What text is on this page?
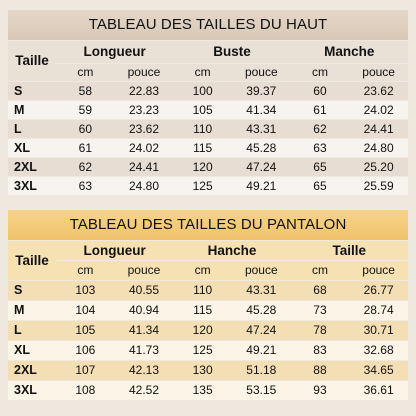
TABLEAU DES TAILLES DU HAUT
Taille	Longueur		Buste		Manche	
	cm	pouce	cm	pouce	cm	pouce
S	58	22.83	100	39.37	60	23.62
M	59	23.23	105	41.34	61	24.02
L	60	23.62	110	43.31	62	24.41
XL	61	24.02	115	45.28	63	24.80
2XL	62	24.41	120	47.24	65	25.20
3XL	63	24.80	125	49.21	65	25.59
TABLEAU DES TAILLES DU PANTALON
Taille	Longueur		Hanche		Taille	
	cm	pouce	cm	pouce	cm	pouce
S	103	40.55	110	43.31	68	26.77
M	104	40.94	115	45.28	73	28.74
L	105	41.34	120	47.24	78	30.71
XL	106	41.73	125	49.21	83	32.68
2XL	107	42.13	130	51.18	88	34.65
3XL	108	42.52	135	53.15	93	36.61
